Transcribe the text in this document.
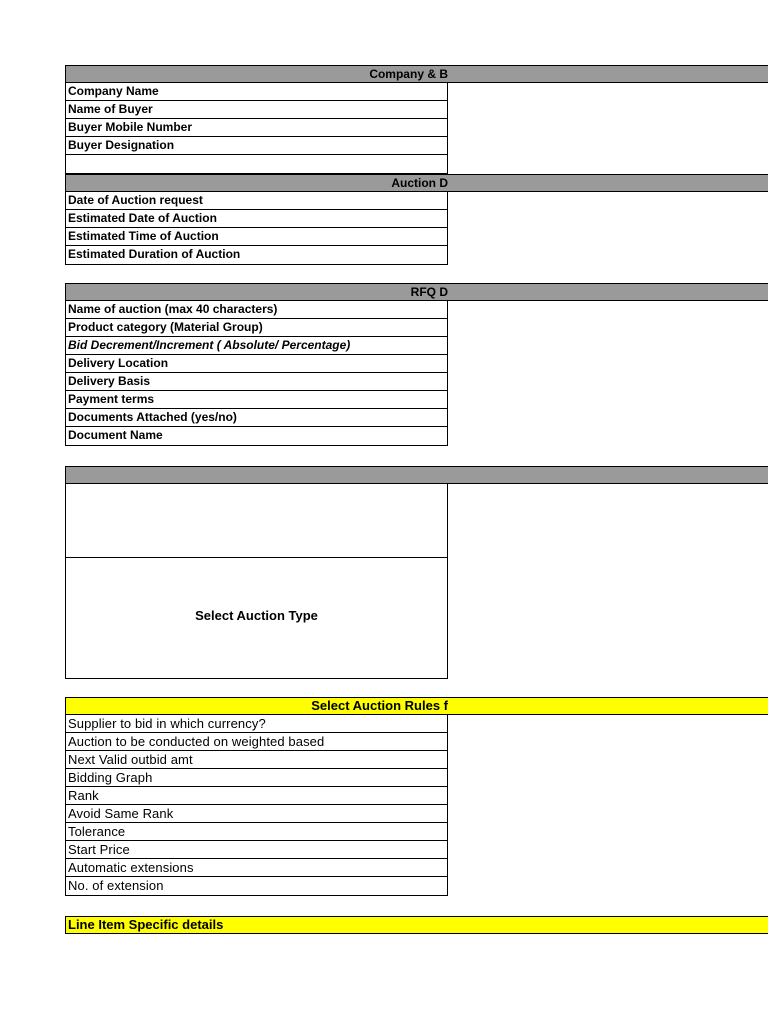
Company & B
Company Name
Name of Buyer
Buyer Mobile Number
Buyer Designation
Auction D
Date of Auction request
Estimated Date of Auction
Estimated Time of Auction
Estimated Duration of Auction
RFQ D
Name of auction (max 40 characters)
Product category (Material Group)
Bid Decrement/Increment ( Absolute/ Percentage)
Delivery Location
Delivery Basis
Payment terms
Documents Attached (yes/no)
Document Name
Select Auction Type
Select Auction Rules f
Supplier to bid in which currency?
Auction to be conducted on weighted based
Next Valid outbid amt
Bidding Graph
Rank
Avoid Same Rank
Tolerance
Start Price
Automatic extensions
No. of extension
Line Item Specific details
